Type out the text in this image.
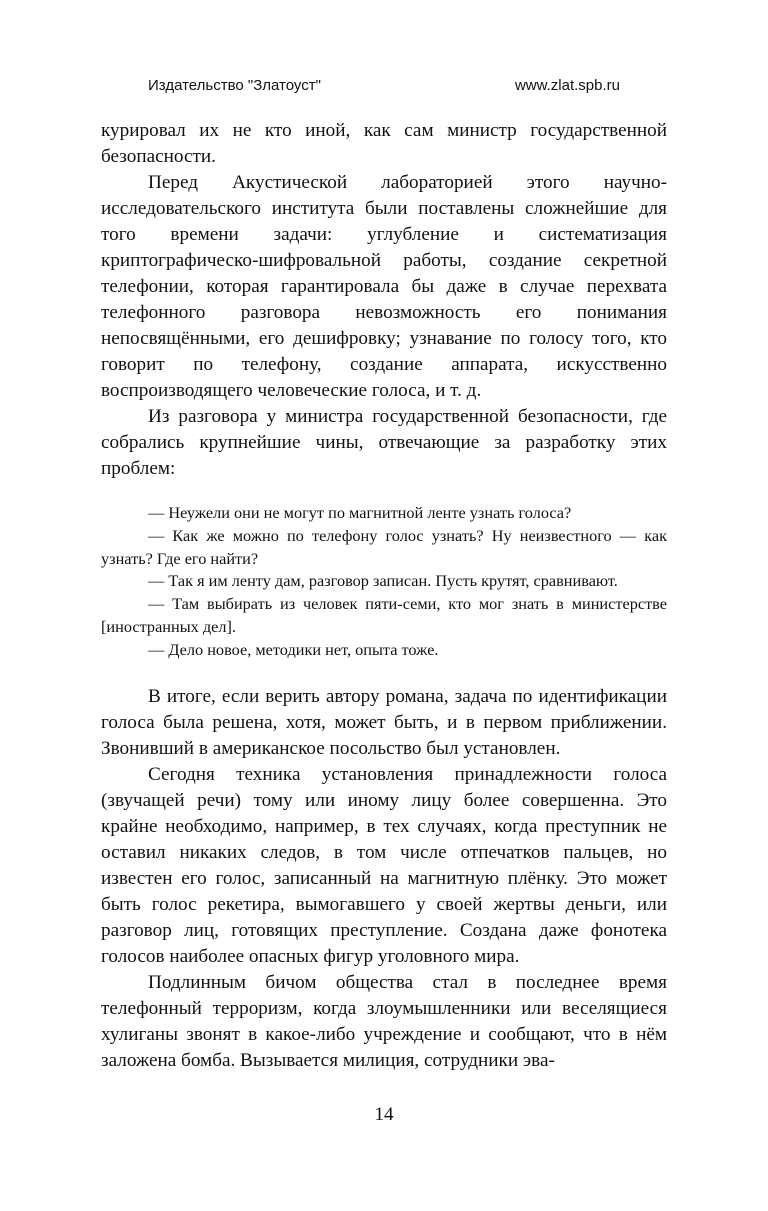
Издательство "Златоуст"	www.zlat.spb.ru

курировал их не кто иной, как сам министр государственной безопасности.

Перед Акустической лабораторией этого научно-исследовательского института были поставлены сложнейшие для того времени задачи: углубление и систематизация криптографическо-шифровальной работы, создание секретной телефонии, которая гарантировала бы даже в случае перехвата телефонного разговора невозможность его понимания непосвящёнными, его дешифровку; узнавание по голосу того, кто говорит по телефону, создание аппарата, искусственно воспроизводящего человеческие голоса, и т. д.

Из разговора у министра государственной безопасности, где собрались крупнейшие чины, отвечающие за разработку этих проблем:

— Неужели они не могут по магнитной ленте узнать голоса?

— Как же можно по телефону голос узнать? Ну неизвестного — как узнать? Где его найти?

— Так я им ленту дам, разговор записан. Пусть крутят, сравнивают.

— Там выбирать из человек пяти-семи, кто мог знать в министерстве [иностранных дел].

— Дело новое, методики нет, опыта тоже.

В итоге, если верить автору романа, задача по идентификации голоса была решена, хотя, может быть, и в первом приближении. Звонивший в американское посольство был установлен.

Сегодня техника установления принадлежности голоса (звучащей речи) тому или иному лицу более совершенна. Это крайне необходимо, например, в тех случаях, когда преступник не оставил никаких следов, в том числе отпечатков пальцев, но известен его голос, записанный на магнитную плёнку. Это может быть голос рекетира, вымогавшего у своей жертвы деньги, или разговор лиц, готовящих преступление. Создана даже фонотека голосов наиболее опасных фигур уголовного мира.

Подлинным бичом общества стал в последнее время телефонный терроризм, когда злоумышленники или веселящиеся хулиганы звонят в какое-либо учреждение и сообщают, что в нём заложена бомба. Вызывается милиция, сотрудники эва-

14
